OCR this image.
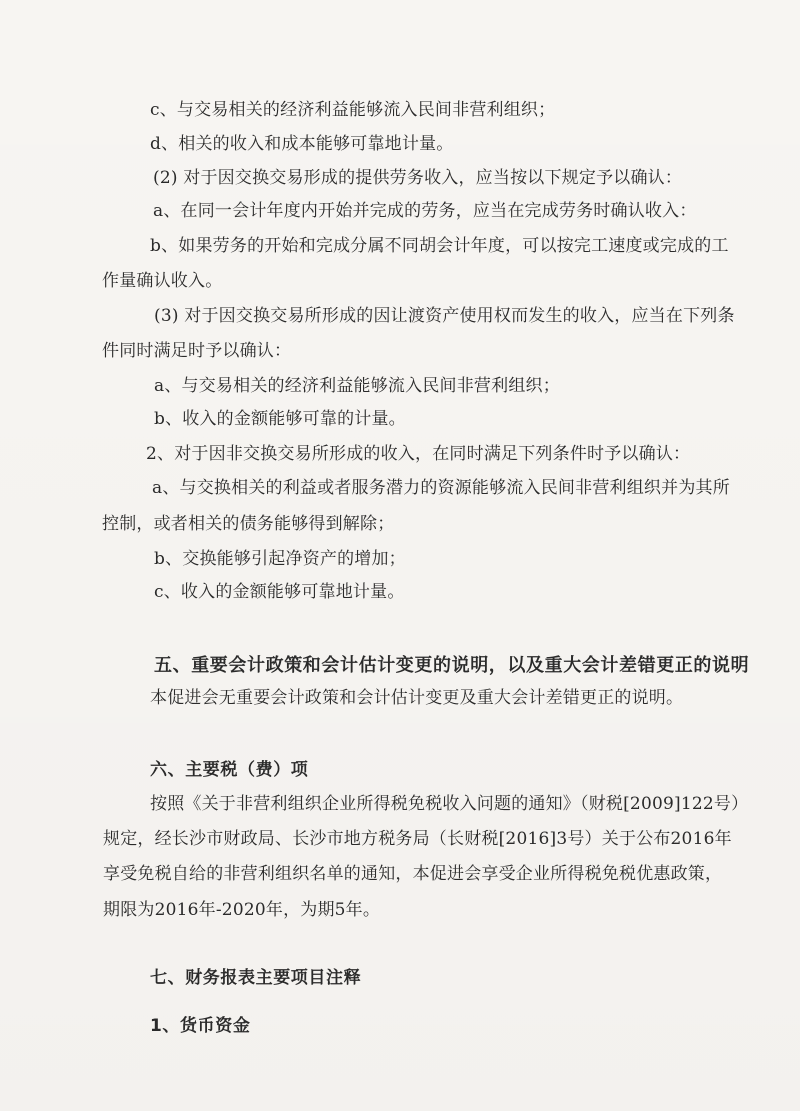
c、与交易相关的经济利益能够流入民间非营利组织；
d、相关的收入和成本能够可靠地计量。
(2) 对于因交换交易形成的提供劳务收入，应当按以下规定予以确认：
a、在同一会计年度内开始并完成的劳务，应当在完成劳务时确认收入：
b、如果劳务的开始和完成分属不同胡会计年度，可以按完工速度或完成的工
作量确认收入。
(3) 对于因交换交易所形成的因让渡资产使用权而发生的收入，应当在下列条
件同时满足时予以确认：
a、与交易相关的经济利益能够流入民间非营利组织；
b、收入的金额能够可靠的计量。
2、对于因非交换交易所形成的收入，在同时满足下列条件时予以确认：
a、与交换相关的利益或者服务潜力的资源能够流入民间非营利组织并为其所
控制，或者相关的债务能够得到解除；
b、交换能够引起净资产的增加；
c、收入的金额能够可靠地计量。
五、重要会计政策和会计估计变更的说明，以及重大会计差错更正的说明
本促进会无重要会计政策和会计估计变更及重大会计差错更正的说明。
六、主要税（费）项
按照《关于非营利组织企业所得税免税收入问题的通知》（财税[2009]122号）
规定，经长沙市财政局、长沙市地方税务局（长财税[2016]3号）关于公布2016年
享受免税自给的非营利组织名单的通知，本促进会享受企业所得税免税优惠政策，
期限为2016年-2020年，为期5年。
七、财务报表主要项目注释
1、货币资金
